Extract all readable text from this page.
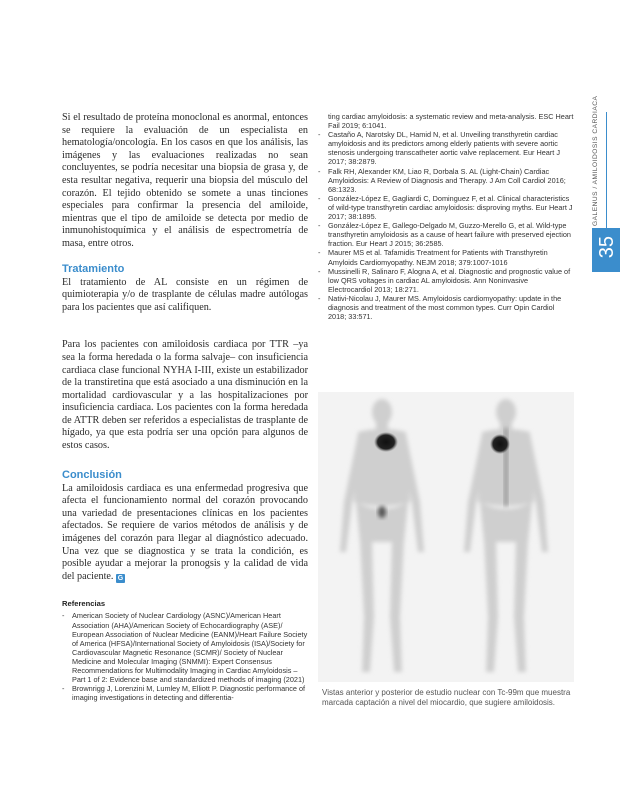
GALENUS / AMILOIDOSIS CARDIACA
35

Si el resultado de proteína monoclonal es anormal, entonces se requiere la evaluación de un especialista en hematología/oncología. En los casos en que los análisis, las imágenes y las evaluaciones realizadas no sean concluyentes, se podría necesitar una biopsia de grasa y, de esta resultar negativa, requerir una biopsia del músculo del corazón. El tejido obtenido se somete a unas tinciones especiales para confirmar la presencia del amiloide, mientras que el tipo de amiloide se detecta por medio de inmunohistoquímica y el análisis de espectrometría de masa, entre otros.

Tratamiento

El tratamiento de AL consiste en un régimen de quimioterapia y/o de trasplante de células madre autólogas para los pacientes que así califiquen.

Para los pacientes con amiloidosis cardiaca por TTR –ya sea la forma heredada o la forma salvaje– con insuficiencia cardiaca clase funcional NYHA I-III, existe un estabilizador de la transtiretina que está asociado a una disminución en la mortalidad cardiovascular y a las hospitalizaciones por insuficiencia cardiaca. Los pacientes con la forma heredada de ATTR deben ser referidos a especialistas de trasplante de hígado, ya que esta podría ser una opción para algunos de estos casos.

Conclusión

La amiloidosis cardiaca es una enfermedad progresiva que afecta el funcionamiento normal del corazón provocando una variedad de presentaciones clínicas en los pacientes afectados. Se requiere de varios métodos de análisis y de imágenes del corazón para llegar al diagnóstico adecuado. Una vez que se diagnostica y se trata la condición, es posible ayudar a mejorar la pronogsis y la calidad de vida del paciente. G

Referencias
- American Society of Nuclear Cardiology (ASNC)/American Heart Association (AHA)/American Society of Echocardiography (ASE)/ European Association of Nuclear Medicine (EANM)/Heart Failure Society of America (HFSA)/International Society of Amyloidosis (ISA)/Society for Cardiovascular Magnetic Resonance (SCMR)/ Society of Nuclear Medicine and Molecular Imaging (SNMMI): Expert Consensus Recommendations for Multimodality Imaging in Cardiac Amyloidosis – Part 1 of 2: Evidence base and standardized methods of imaging (2021)
- Brownrigg J, Lorenzini M, Lumley M, Elliott P. Diagnostic performance of imaging investigations in detecting and differentia-
ting cardiac amyloidosis: a systematic review and meta-analysis. ESC Heart Fail 2019; 6:1041.
- Castaño A, Narotsky DL, Hamid N, et al. Unveiling transthyretin cardiac amyloidosis and its predictors among elderly patients with severe aortic stenosis undergoing transcatheter aortic valve replacement. Eur Heart J 2017; 38:2879.
- Falk RH, Alexander KM, Liao R, Dorbala S. AL (Light-Chain) Cardiac Amyloidosis: A Review of Diagnosis and Therapy. J Am Coll Cardiol 2016; 68:1323.
- González-López E, Gagliardi C, Dominguez F, et al. Clinical characteristics of wild-type transthyretin cardiac amyloidosis: disproving myths. Eur Heart J 2017; 38:1895.
- González-López E, Gallego-Delgado M, Guzzo-Merello G, et al. Wild-type transthyretin amyloidosis as a cause of heart failure with preserved ejection fraction. Eur Heart J 2015; 36:2585.
- Maurer MS et al. Tafamidis Treatment for Patients with Transthyretin Amyloids Cardiomyopathy. NEJM 2018; 379:1007-1016
- Mussinelli R, Salinaro F, Alogna A, et al. Diagnostic and prognostic value of low QRS voltages in cardiac AL amyloidosis. Ann Noninvasive Electrocardiol 2013; 18:271.
- Nativi-Nicolau J, Maurer MS. Amyloidosis cardiomyopathy: update in the diagnosis and treatment of the most common types. Curr Opin Cardiol 2018; 33:571.
Vistas anterior y posterior de estudio nuclear con Tc-99m que muestra marcada captación a nivel del miocardio, que sugiere amiloidosis.
